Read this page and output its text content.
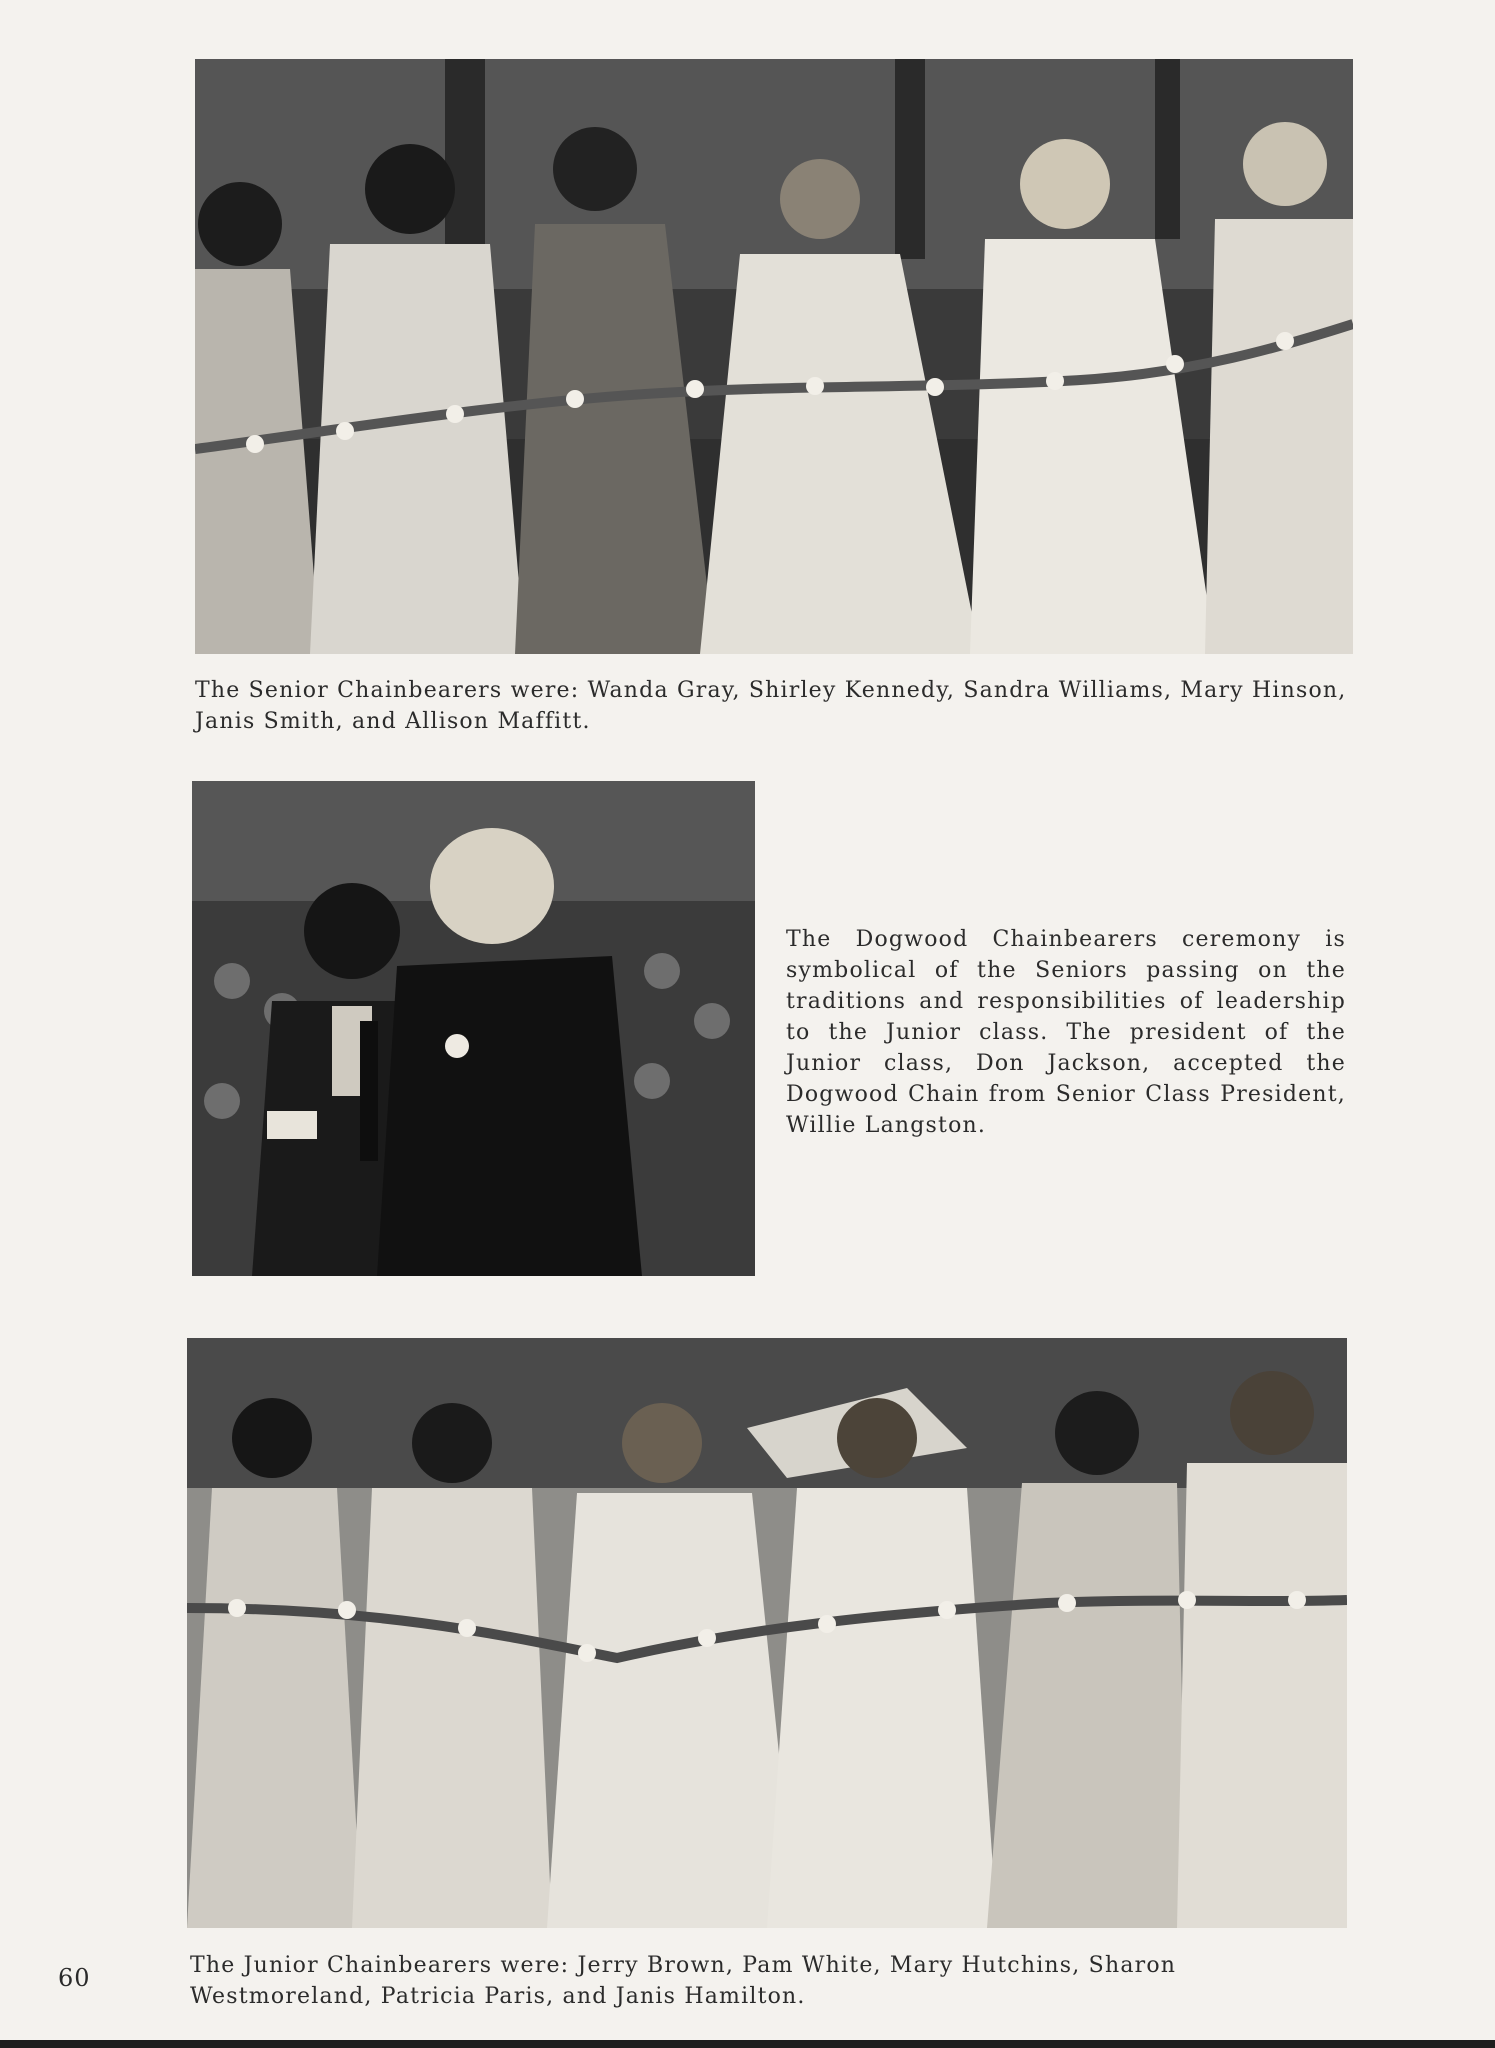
The Senior Chainbearers were: Wanda Gray, Shirley Kennedy, Sandra Williams, Mary Hinson, Janis Smith, and Allison Maffitt.

The Dogwood Chainbearers ceremony is symbolical of the Seniors passing on the traditions and responsibilities of leadership to the Junior class. The president of the Junior class, Don Jackson, accepted the Dogwood Chain from Senior Class President, Willie Langston.

The Junior Chainbearers were: Jerry Brown, Pam White, Mary Hutchins, Sharon Westmoreland, Patricia Paris, and Janis Hamilton.

60
